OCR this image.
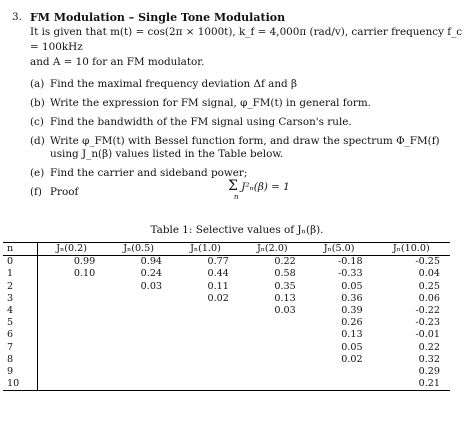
3. FM Modulation – Single Tone Modulation

It is given that m(t) = cos(2π × 1000t), k_f = 4,000π (rad/v), carrier frequency f_c = 100kHz

and A = 10 for an FM modulator.

(a) Find the maximal frequency deviation Δf and β
(b) Write the expression for FM signal, φ_FM(t) in general form.
(c) Find the bandwidth of the FM signal using Carson's rule.
(d) Write φ_FM(t) with Bessel function form, and draw the spectrum Φ_FM(f) using J_n(β) values listed in the Table below.
(e) Find the carrier and sideband power;
(f) Proof	Σ J²ₙ(β) = 1
n
Table 1: Selective values of Jₙ(β).
n	Jₙ(0.2)	Jₙ(0.5)	Jₙ(1.0)	Jₙ(2.0)	Jₙ(5.0)	Jₙ(10.0)
0	0.99	0.94	0.77	0.22	-0.18	-0.25
1	0.10	0.24	0.44	0.58	-0.33	0.04
2		0.03	0.11	0.35	0.05	0.25
3			0.02	0.13	0.36	0.06
4				0.03	0.39	-0.22
5					0.26	-0.23
6					0.13	-0.01
7					0.05	0.22
8					0.02	0.32
9						0.29
10						0.21
